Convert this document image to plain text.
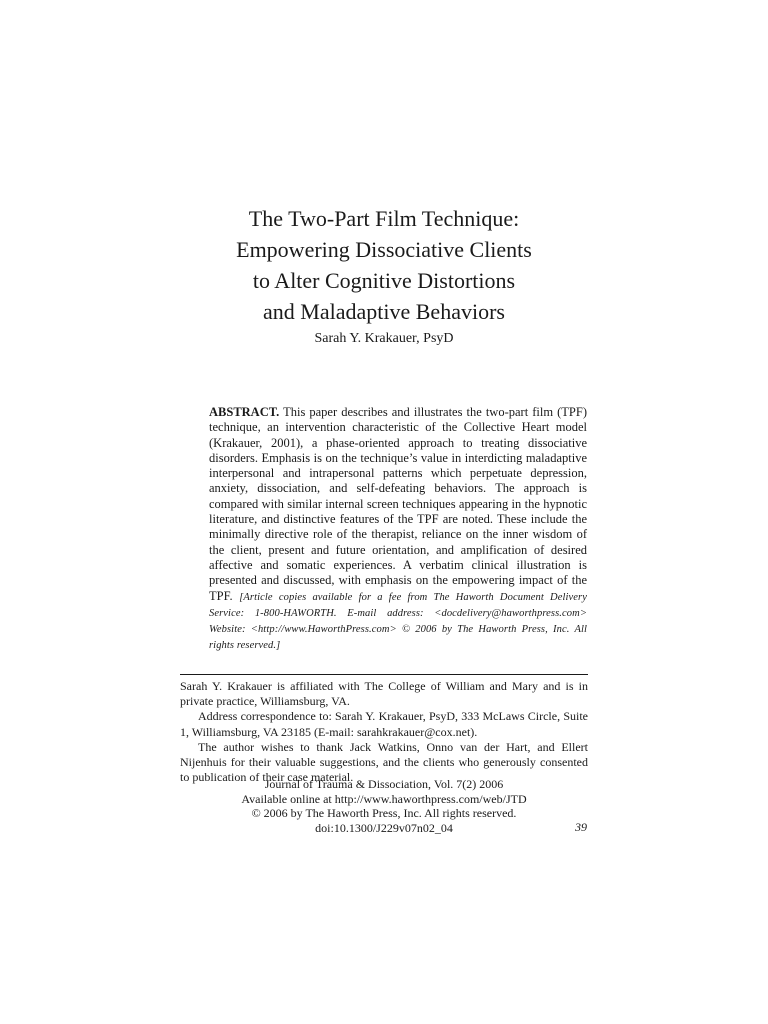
The Two-Part Film Technique:
Empowering Dissociative Clients
to Alter Cognitive Distortions
and Maladaptive Behaviors
Sarah Y. Krakauer, PsyD
ABSTRACT. This paper describes and illustrates the two-part film (TPF) technique, an intervention characteristic of the Collective Heart model (Krakauer, 2001), a phase-oriented approach to treating dissociative disorders. Emphasis is on the technique’s value in interdicting maladaptive interpersonal and intrapersonal patterns which perpetuate depression, anxiety, dissociation, and self-defeating behaviors. The approach is compared with similar internal screen techniques appearing in the hypnotic literature, and distinctive features of the TPF are noted. These include the minimally directive role of the therapist, reliance on the inner wisdom of the client, present and future orientation, and amplification of desired affective and somatic experiences. A verbatim clinical illustration is presented and discussed, with emphasis on the empowering impact of the TPF. [Article copies available for a fee from The Haworth Document Delivery Service: 1-800-HAWORTH. E-mail address: <docdelivery@haworthpress.com> Website: <http://www.HaworthPress.com> © 2006 by The Haworth Press, Inc. All rights reserved.]

Sarah Y. Krakauer is affiliated with The College of William and Mary and is in private practice, Williamsburg, VA.

Address correspondence to: Sarah Y. Krakauer, PsyD, 333 McLaws Circle, Suite 1, Williamsburg, VA 23185 (E-mail: sarahkrakauer@cox.net).

The author wishes to thank Jack Watkins, Onno van der Hart, and Ellert Nijenhuis for their valuable suggestions, and the clients who generously consented to publication of their case material.

Journal of Trauma & Dissociation, Vol. 7(2) 2006
Available online at http://www.haworthpress.com/web/JTD
© 2006 by The Haworth Press, Inc. All rights reserved.
doi:10.1300/J229v07n02_04	39
